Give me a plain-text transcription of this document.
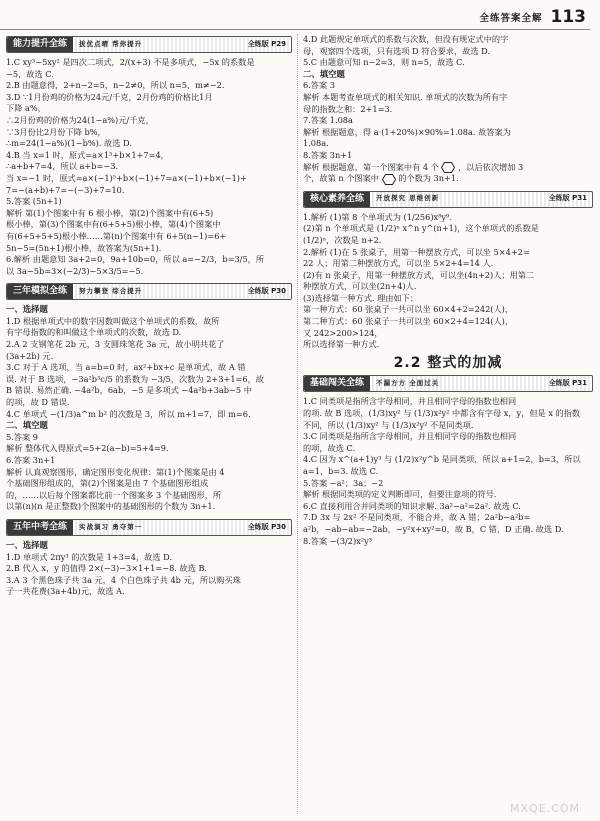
全练答案全解 113
能力提升全练	拔优点晴 帮你提升	全练版 P29
1.C xy³−5xy² 是四次二项式，2/(x+3) 不是多项式，−5x 的系数是
−5，故选 C.
2.B 由题意得，2+n−2=5，n−2≠0，所以 n=5，m≠−2.
3.D ∵1月份鸡的价格为24元/千克，2月份鸡的价格比1月
下降 a%，
∴2月份鸡的价格为24(1−a%)元/千克，
∵3月份比2月份下降 b%，
∴m=24(1−a%)(1−b%). 故选 D.
4.B 当 x=1 时，原式=a×1⁵+b×1+7=4，
∴a+b+7=4，所以 a+b=−3.
当 x=−1 时，原式=a×(−1)⁵+b×(−1)+7=a×(−1)+b×(−1)+
7=−(a+b)+7=−(−3)+7=10.
5.答案 (5n+1)
解析 第(1)个图案中有 6 根小棒，第(2)个图案中有(6+5)
根小棒，第(3)个图案中有(6+5+5)根小棒，第(4)个图案中
有(6+5+5+5)根小棒……第(n)个图案中有 6+5(n−1)=6+
5n−5=(5n+1)根小棒，故答案为(5n+1).
6.解析 由题意知 3a+2=0，9a+10b=0，所以 a=−2/3，b=3/5，所
以 3a−5b=3×(−2/3)−5×3/5=−5.
三年模拟全练	努力攀登 综合提升	全练版 P30
一、选择题
1.D 根据单项式中的数字因数叫做这个单项式的系数，故所
有字母指数的和叫做这个单项式的次数，故选 D.
2.A 2 支钢笔花 2b 元，3 支圆珠笔花 3a 元，故小明共花了
(3a+2b) 元.
3.C 对于 A 选项，当 a=b=0 时，ax²+bx+c 是单项式，故 A 错
误. 对于 B 选项，−3a²b³c/5 的系数为 −3/5，次数为 2+3+1=6，故
B 错误. 易然正确. −4a²b，6ab，−5 是多项式 −4a²b+3ab−5 中
的项，故 D 错误.
4.C 单项式 −(1/3)a^m b² 的次数是 3，所以 m+1=7，即 m=6.
二、填空题
5.答案 9
解析 整体代入得原式=5+2(a−b)=5+4=9.
6.答案 3n+1
解析 认真观察图形，确定图形变化规律：第(1)个图案是由 4
个基础图形组成的，第(2)个图案是由 7 个基础图形组成
的，……以后每个图案都比前一个图案多 3 个基础图形，所
以第(n)(n 是正整数)个图案中的基础图形的个数为 3n+1.
五年中考全练	实战演习 勇夺第一	全练版 P30
一、选择题
1.D 单项式 2πy³ 的次数是 1+3=4，故选 D.
2.B 代入 x，y 的值得 2×(−3)−3×1+1=−8. 故选 B.
3.A 3 个黑色珠子共 3a 元，4 个白色珠子共 4b 元，所以购买珠
子一共花费(3a+4b)元，故选 A.
4.D 此题规定单项式的系数与次数，但没有规定式中的字
母，观察四个选项，只有选项 D 符合要求，故选 D.
5.C 由题意可知 n−2=3，则 n=5，故选 C.
二、填空题
6.答案 3
解析 本题考查单项式的相关知识. 单项式的次数为所有字
母的指数之和：2+1=3.
7.答案 1.08a
解析 根据题意，得 a·(1+20%)×90%=1.08a. 故答案为
1.08a.
8.答案 3n+1
解析 根据题意，第一个图案中有 4 个 ，以后依次增加 3
个，故第 n 个图案中 的个数为 3n+1.
核心素养全练	开放探究 思维创新	全练版 P31
1.解析 (1)第 8 个单项式为 (1/256)x⁸y⁹.
(2)第 n 个单项式是 (1/2)ⁿ x^n y^(n+1)，这个单项式的系数是
(1/2)ⁿ，次数是 n+2.
2.解析 (1)在 5 张桌子，用第一种摆放方式，可以坐 5×4+2=
22 人；用第二种摆放方式，可以坐 5×2+4=14 人.
(2)有 n 张桌子，用第一种摆放方式，可以坐(4n+2)人；用第二
种摆放方式，可以坐(2n+4)人.
(3)选择第一种方式. 理由如下：
第一种方式：60 张桌子一共可以坐 60×4+2=242(人)，
第二种方式：60 张桌子一共可以坐 60×2+4=124(人)，
又 242>200>124，
所以选择第一种方式.
2.2 整式的加减
基础闯关全练	不漏方方 全面过关	全练版 P31
1.C 同类项是指所含字母相同，并且相同字母的指数也相同
的项. 故 B 选项，(1/3)xy² 与 (1/3)x²y² 中都含有字母 x，y，但是 x 的指数
不同，所以 (1/3)xy² 与 (1/3)x²y² 不是同类项.
3.C 同类项是指所含字母相同，并且相同字母的指数也相同
的项，故选 C.
4.C 因为 x^(a+1)y³ 与 (1/2)x²y^b 是同类项，所以 a+1=2，b=3，所以
a=1，b=3. 故选 C.
5.答案 −a²；3a；−2
解析 根据同类项的定义判断即可，但要注意项的符号.
6.C 直接利用合并同类项的知识求解. 3a²−a²=2a². 故选 C.
7.D 3x 与 2x² 不是同类项，不能合并，故 A 错；2a²b−a²b=
a²b，−ab−ab=−2ab，−y²x+xy²=0，故 B，C 错，D 正确. 故选 D.
8.答案 −(3/2)x²y³
MXQE.COM
